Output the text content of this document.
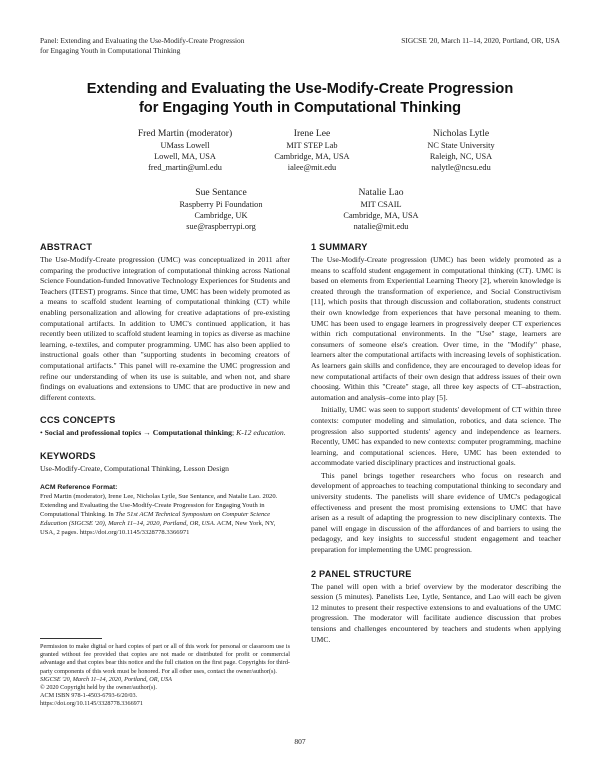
Panel: Extending and Evaluating the Use-Modify-Create Progression
for Engaging Youth in Computational Thinking
SIGCSE '20, March 11–14, 2020, Portland, OR, USA
Extending and Evaluating the Use-Modify-Create Progression
for Engaging Youth in Computational Thinking
Fred Martin (moderator)
UMass Lowell
Lowell, MA, USA
fred_martin@uml.edu
Irene Lee
MIT STEP Lab
Cambridge, MA, USA
ialee@mit.edu
Nicholas Lytle
NC State University
Raleigh, NC, USA
nalytle@ncsu.edu
Sue Sentance
Raspberry Pi Foundation
Cambridge, UK
sue@raspberrypi.org
Natalie Lao
MIT CSAIL
Cambridge, MA, USA
natalie@mit.edu
ABSTRACT

The Use-Modify-Create progression (UMC) was conceptualized in 2011 after comparing the productive integration of computational thinking across National Science Foundation-funded Innovative Technology Experiences for Students and Teachers (ITEST) programs. Since that time, UMC has been widely promoted as a means to scaffold student learning of computational thinking (CT) while enabling personalization and allowing for creative adaptations of pre-existing computational artifacts. In addition to UMC's continued application, it has recently been utilized to scaffold student learning in topics as diverse as machine learning, e-textiles, and computer programming. UMC has also been applied to instructional goals other than "supporting students in becoming creators of computational artifacts." This panel will re-examine the UMC progression and refine our understanding of when its use is suitable, and when not, and share findings on evaluations and extensions to UMC that are productive in new and different contexts.

CCS CONCEPTS

• Social and professional topics → Computational thinking; K-12 education.

KEYWORDS

Use-Modify-Create, Computational Thinking, Lesson Design

ACM Reference Format:

Fred Martin (moderator), Irene Lee, Nicholas Lytle, Sue Sentance, and Natalie Lao. 2020. Extending and Evaluating the Use-Modify-Create Progression for Engaging Youth in Computational Thinking. In The 51st ACM Technical Symposium on Computer Science Education (SIGCSE '20), March 11–14, 2020, Portland, OR, USA. ACM, New York, NY, USA, 2 pages. https://doi.org/10.1145/3328778.3366971

Permission to make digital or hard copies of part or all of this work for personal or classroom use is granted without fee provided that copies are not made or distributed for profit or commercial advantage and that copies bear this notice and the full citation on the first page. Copyrights for third-party components of this work must be honored. For all other uses, contact the owner/author(s).

SIGCSE '20, March 11–14, 2020, Portland, OR, USA
© 2020 Copyright held by the owner/author(s).
ACM ISBN 978-1-4503-6793-6/20/03.
https://doi.org/10.1145/3328778.3366971
1 SUMMARY

The Use-Modify-Create progression (UMC) has been widely promoted as a means to scaffold student engagement in computational thinking (CT). UMC is based on elements from Experiential Learning Theory [2], wherein knowledge is created through the transformation of experience, and Social Constructivism [11], which posits that through discussion and collaboration, students construct their own knowledge from experiences that have personal meaning to them. UMC has been used to engage learners in progressively deeper CT experiences within rich computational environments. In the "Use" stage, learners are consumers of someone else's creation. Over time, in the "Modify" phase, learners alter the computational artifacts with increasing levels of sophistication. As learners gain skills and confidence, they are encouraged to develop ideas for new computational artifacts of their own design that address issues of their own choosing. Within this "Create" stage, all three key aspects of CT–abstraction, automation and analysis–come into play [5].

Initially, UMC was seen to support students' development of CT within three contexts: computer modeling and simulation, robotics, and data science. The progression also supported students' agency and independence as learners. Recently, UMC has expanded to new contexts: computer programming, machine learning, and computational sciences. Here, UMC has been extended to accommodate varied disciplinary practices and instructional goals.

This panel brings together researchers who focus on research and development of approaches to teaching computational thinking to secondary and university students. The panelists will share evidence of UMC's pedagogical effectiveness and present the most promising extensions to UMC that have arisen as a result of adapting the progression to new disciplinary contexts. The panel will engage in discussion of the affordances of and barriers to using the pedagogy, and key insights to successful student engagement and teacher preparation for implementing the UMC progression.

2 PANEL STRUCTURE

The panel will open with a brief overview by the moderator describing the session (5 minutes). Panelists Lee, Lytle, Sentance, and Lao will each be given 12 minutes to present their respective extensions to and evaluations of the UMC progression. The moderator will facilitate audience discussion that probes tensions and challenges encountered by teachers and students when applying UMC.

807
